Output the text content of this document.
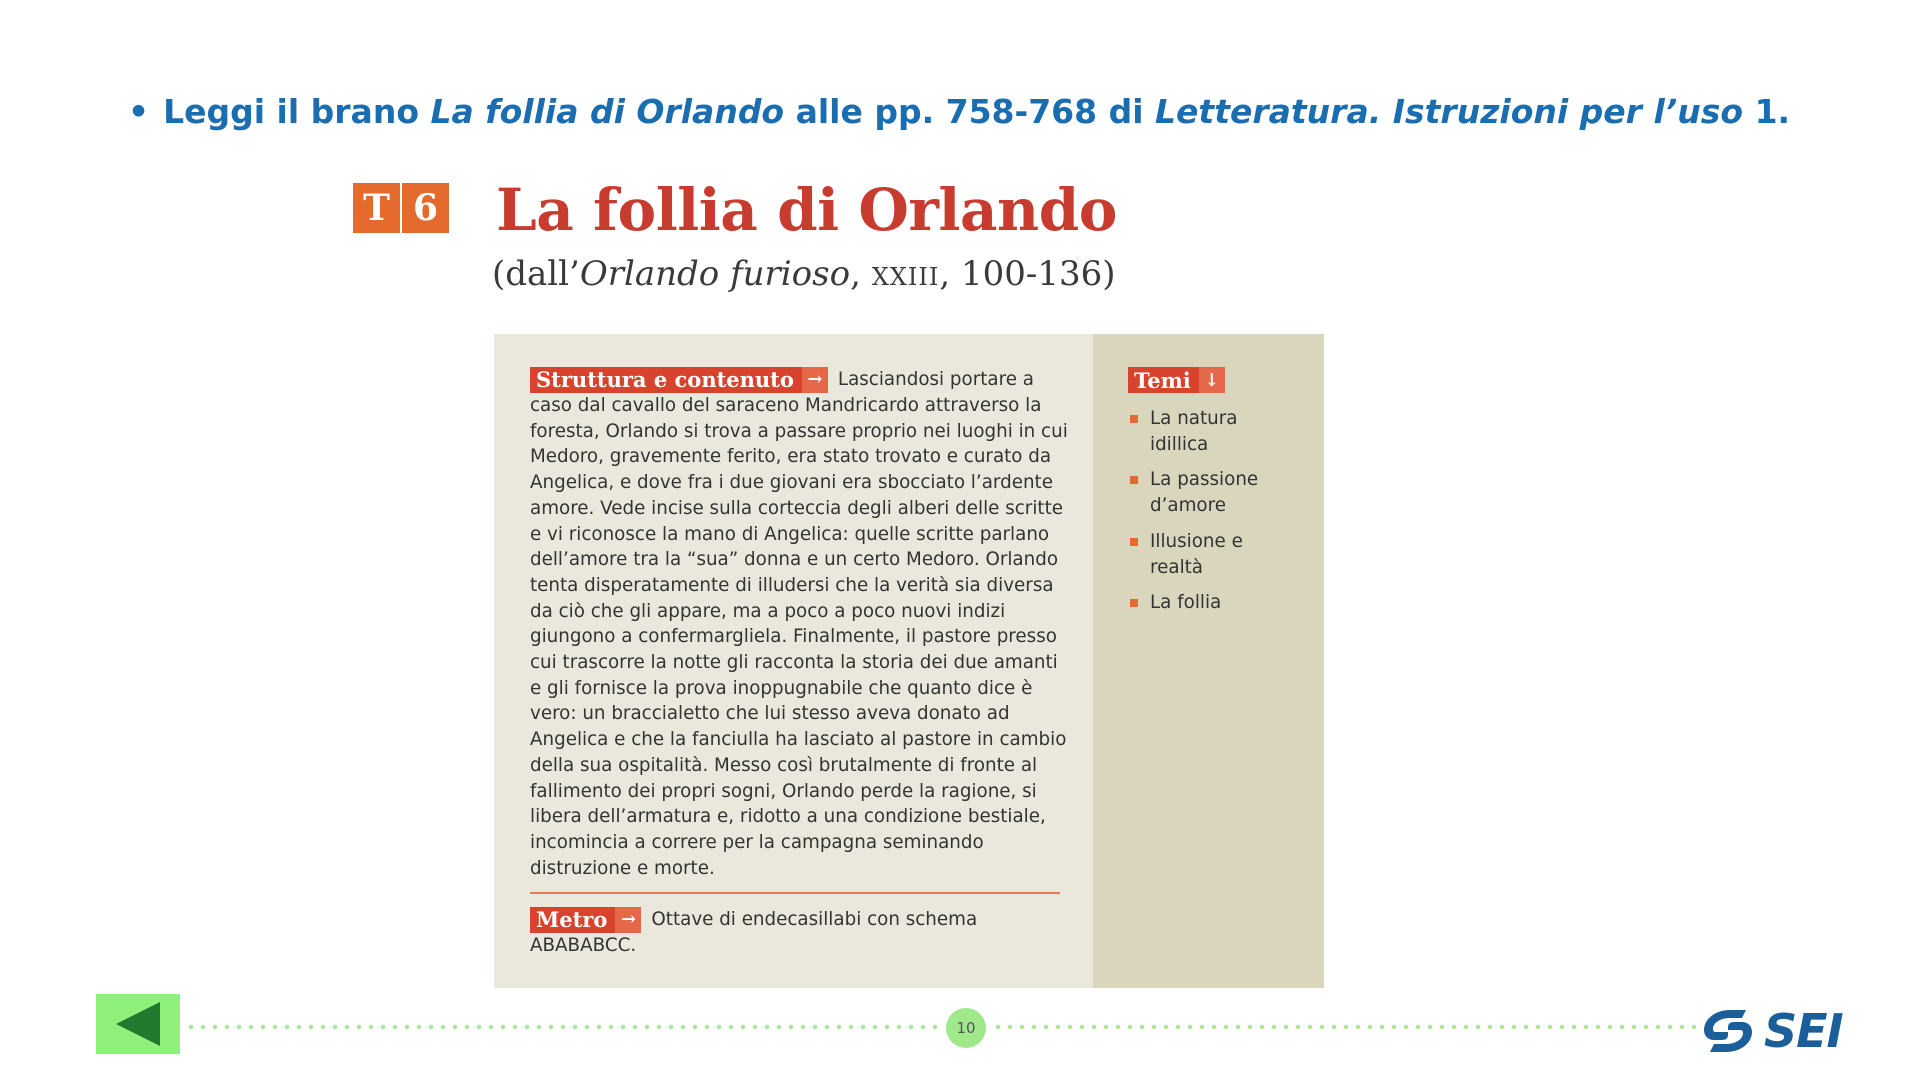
• Leggi il brano La follia di Orlando alle pp. 758-768 di Letteratura. Istruzioni per l’uso 1.
T 6 La follia di Orlando
(dall’Orlando furioso, xxiii, 100-136)
Struttura e contenuto → Lasciandosi portare a caso dal cavallo del saraceno Mandricardo attraverso la foresta, Orlando si trova a passare proprio nei luoghi in cui Medoro, gravemente ferito, era stato trovato e curato da Angelica, e dove fra i due giovani era sbocciato l’ardente amore. Vede incise sulla corteccia degli alberi delle scritte e vi riconosce la mano di Angelica: quelle scritte parlano dell’amore tra la “sua” donna e un certo Medoro. Orlando tenta disperatamente di illudersi che la verità sia diversa da ciò che gli appare, ma a poco a poco nuovi indizi giungono a confermargliela. Finalmente, il pastore presso cui trascorre la notte gli racconta la storia dei due amanti e gli fornisce la prova inoppugnabile che quanto dice è vero: un braccialetto che lui stesso aveva donato ad Angelica e che la fanciulla ha lasciato al pastore in cambio della sua ospitalità. Messo così brutalmente di fronte al fallimento dei propri sogni, Orlando perde la ragione, si libera dell’armatura e, ridotto a una condizione bestiale, incomincia a correre per la campagna seminando distruzione e morte.
Metro → Ottave di endecasillabi con schema ABABABCC.
Temi ↓
La natura idillica
La passione d’amore
Illusione e realtà
La follia
10	SEI
